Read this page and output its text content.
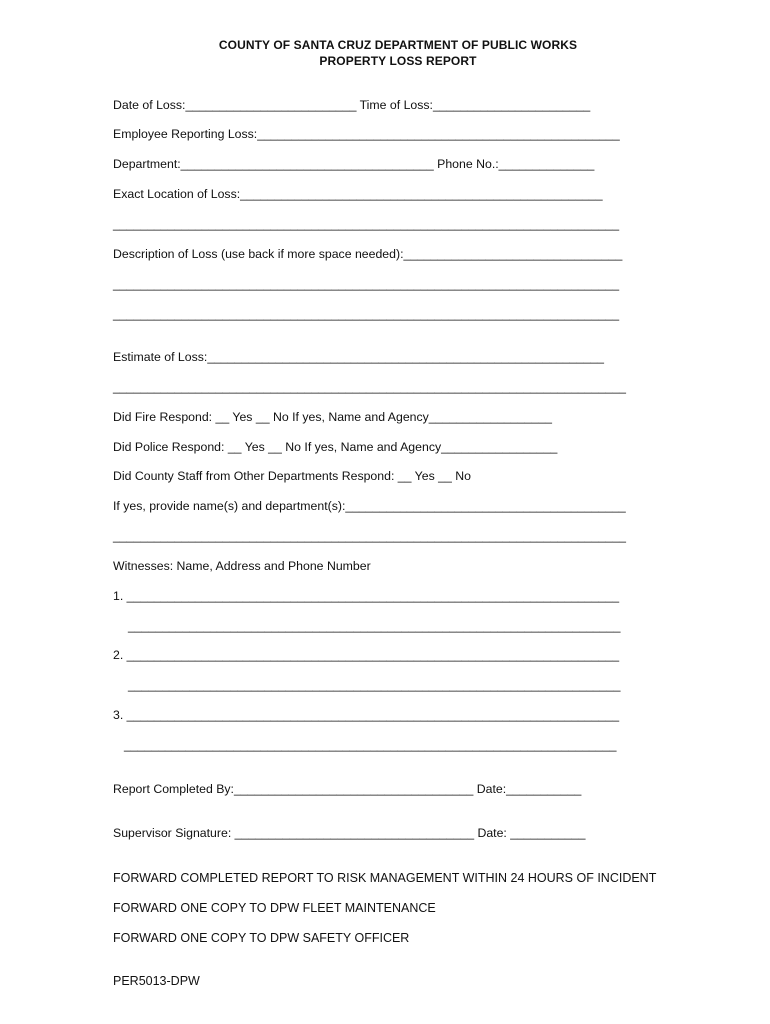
COUNTY OF SANTA CRUZ DEPARTMENT OF PUBLIC WORKS
PROPERTY LOSS REPORT
Date of Loss:_________________________ Time of Loss:_______________________
Employee Reporting Loss:_____________________________________________________
Department:_____________________________________ Phone No.:______________
Exact Location of Loss:_____________________________________________________
__________________________________________________________________________
Description of Loss (use back if more space needed):________________________________
__________________________________________________________________________
__________________________________________________________________________
Estimate of Loss:__________________________________________________________
___________________________________________________________________________
Did Fire Respond: __ Yes __ No If yes, Name and Agency__________________
Did Police Respond: __ Yes __ No If yes, Name and Agency_________________
Did County Staff from Other Departments Respond: __ Yes __ No
If yes, provide name(s) and department(s):_________________________________________
___________________________________________________________________________
Witnesses: Name, Address and Phone Number
1. ________________________________________________________________________
________________________________________________________________________
2. ________________________________________________________________________
________________________________________________________________________
3. ________________________________________________________________________
________________________________________________________________________
Report Completed By:___________________________________ Date:___________
Supervisor Signature: ___________________________________ Date: ___________
FORWARD COMPLETED REPORT TO RISK MANAGEMENT WITHIN 24 HOURS OF INCIDENT
FORWARD ONE COPY TO DPW FLEET MAINTENANCE
FORWARD ONE COPY TO DPW SAFETY OFFICER
PER5013-DPW
